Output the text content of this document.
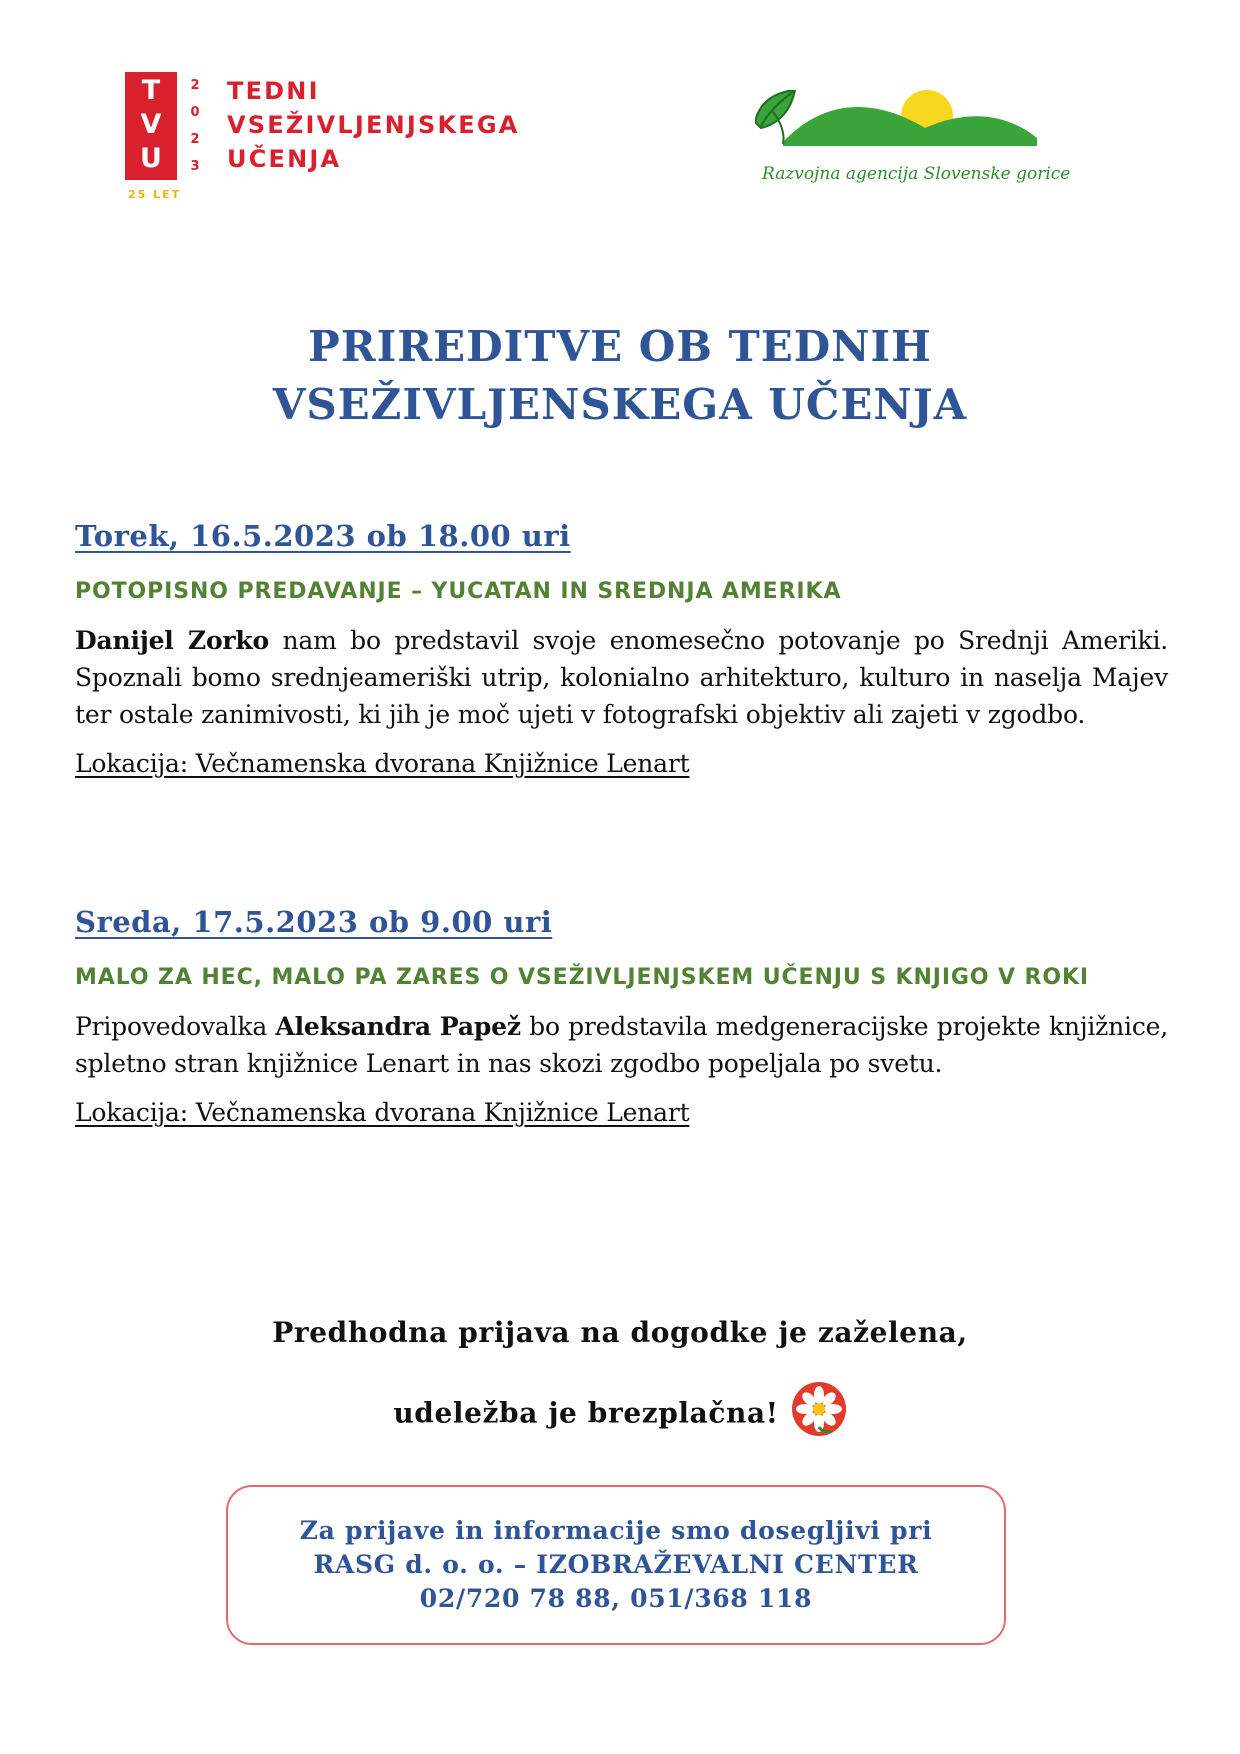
T
V
U
2
0
2
3
25 LET
TEDNI
VSEŽIVLJENJSKEGA
UČENJA
Razvojna agencija Slovenske gorice
PRIREDITVE OB TEDNIH
VSEŽIVLJENSKEGA UČENJA
Torek, 16.5.2023 ob 18.00 uri
POTOPISNO PREDAVANJE – YUCATAN IN SREDNJA AMERIKA
Danijel Zorko nam bo predstavil svoje enomesečno potovanje po Srednji Ameriki. Spoznali bomo srednjeameriški utrip, kolonialno arhitekturo, kulturo in naselja Majev ter ostale zanimivosti, ki jih je moč ujeti v fotografski objektiv ali zajeti v zgodbo.
Lokacija: Večnamenska dvorana Knjižnice Lenart
Sreda, 17.5.2023 ob 9.00 uri
MALO ZA HEC, MALO PA ZARES O VSEŽIVLJENJSKEM UČENJU S KNJIGO V ROKI
Pripovedovalka Aleksandra Papež bo predstavila medgeneracijske projekte knjižnice, spletno stran knjižnice Lenart in nas skozi zgodbo popeljala po svetu.
Lokacija: Večnamenska dvorana Knjižnice Lenart
Predhodna prijava na dogodke je zaželena,
udeležba je brezplačna!
Za prijave in informacije smo dosegljivi pri
RASG d. o. o. – IZOBRAŽEVALNI CENTER
02/720 78 88, 051/368 118
